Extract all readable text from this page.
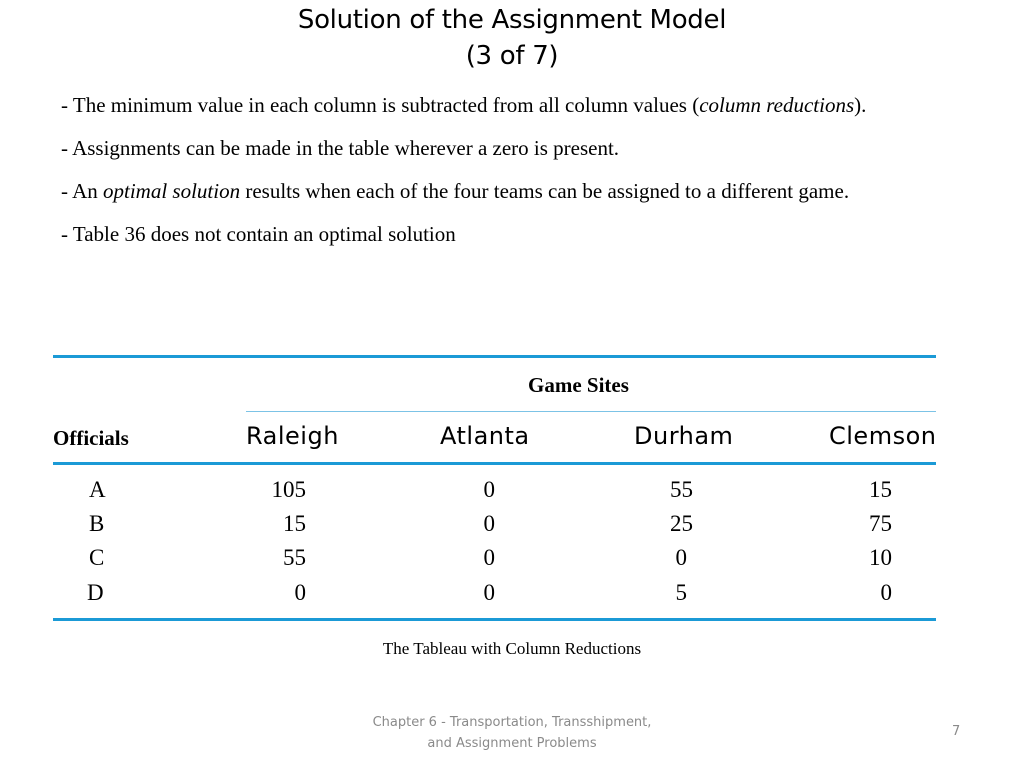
Solution of the Assignment Model
(3 of 7)

- The minimum value in each column is subtracted from all column values (column reductions).

- Assignments can be made in the table wherever a zero is present.

- An optimal solution results when each of the four teams can be assigned to a different game.

- Table 36 does not contain an optimal solution

Game Sites
Officials	Raleigh	Atlanta	Durham	Clemson
A	105	0	55	15
B	15	0	25	75
C	55	0	0	10
D	0	0	5	0
The Tableau with Column Reductions
Chapter 6 - Transportation, Transshipment,
and Assignment Problems
7
